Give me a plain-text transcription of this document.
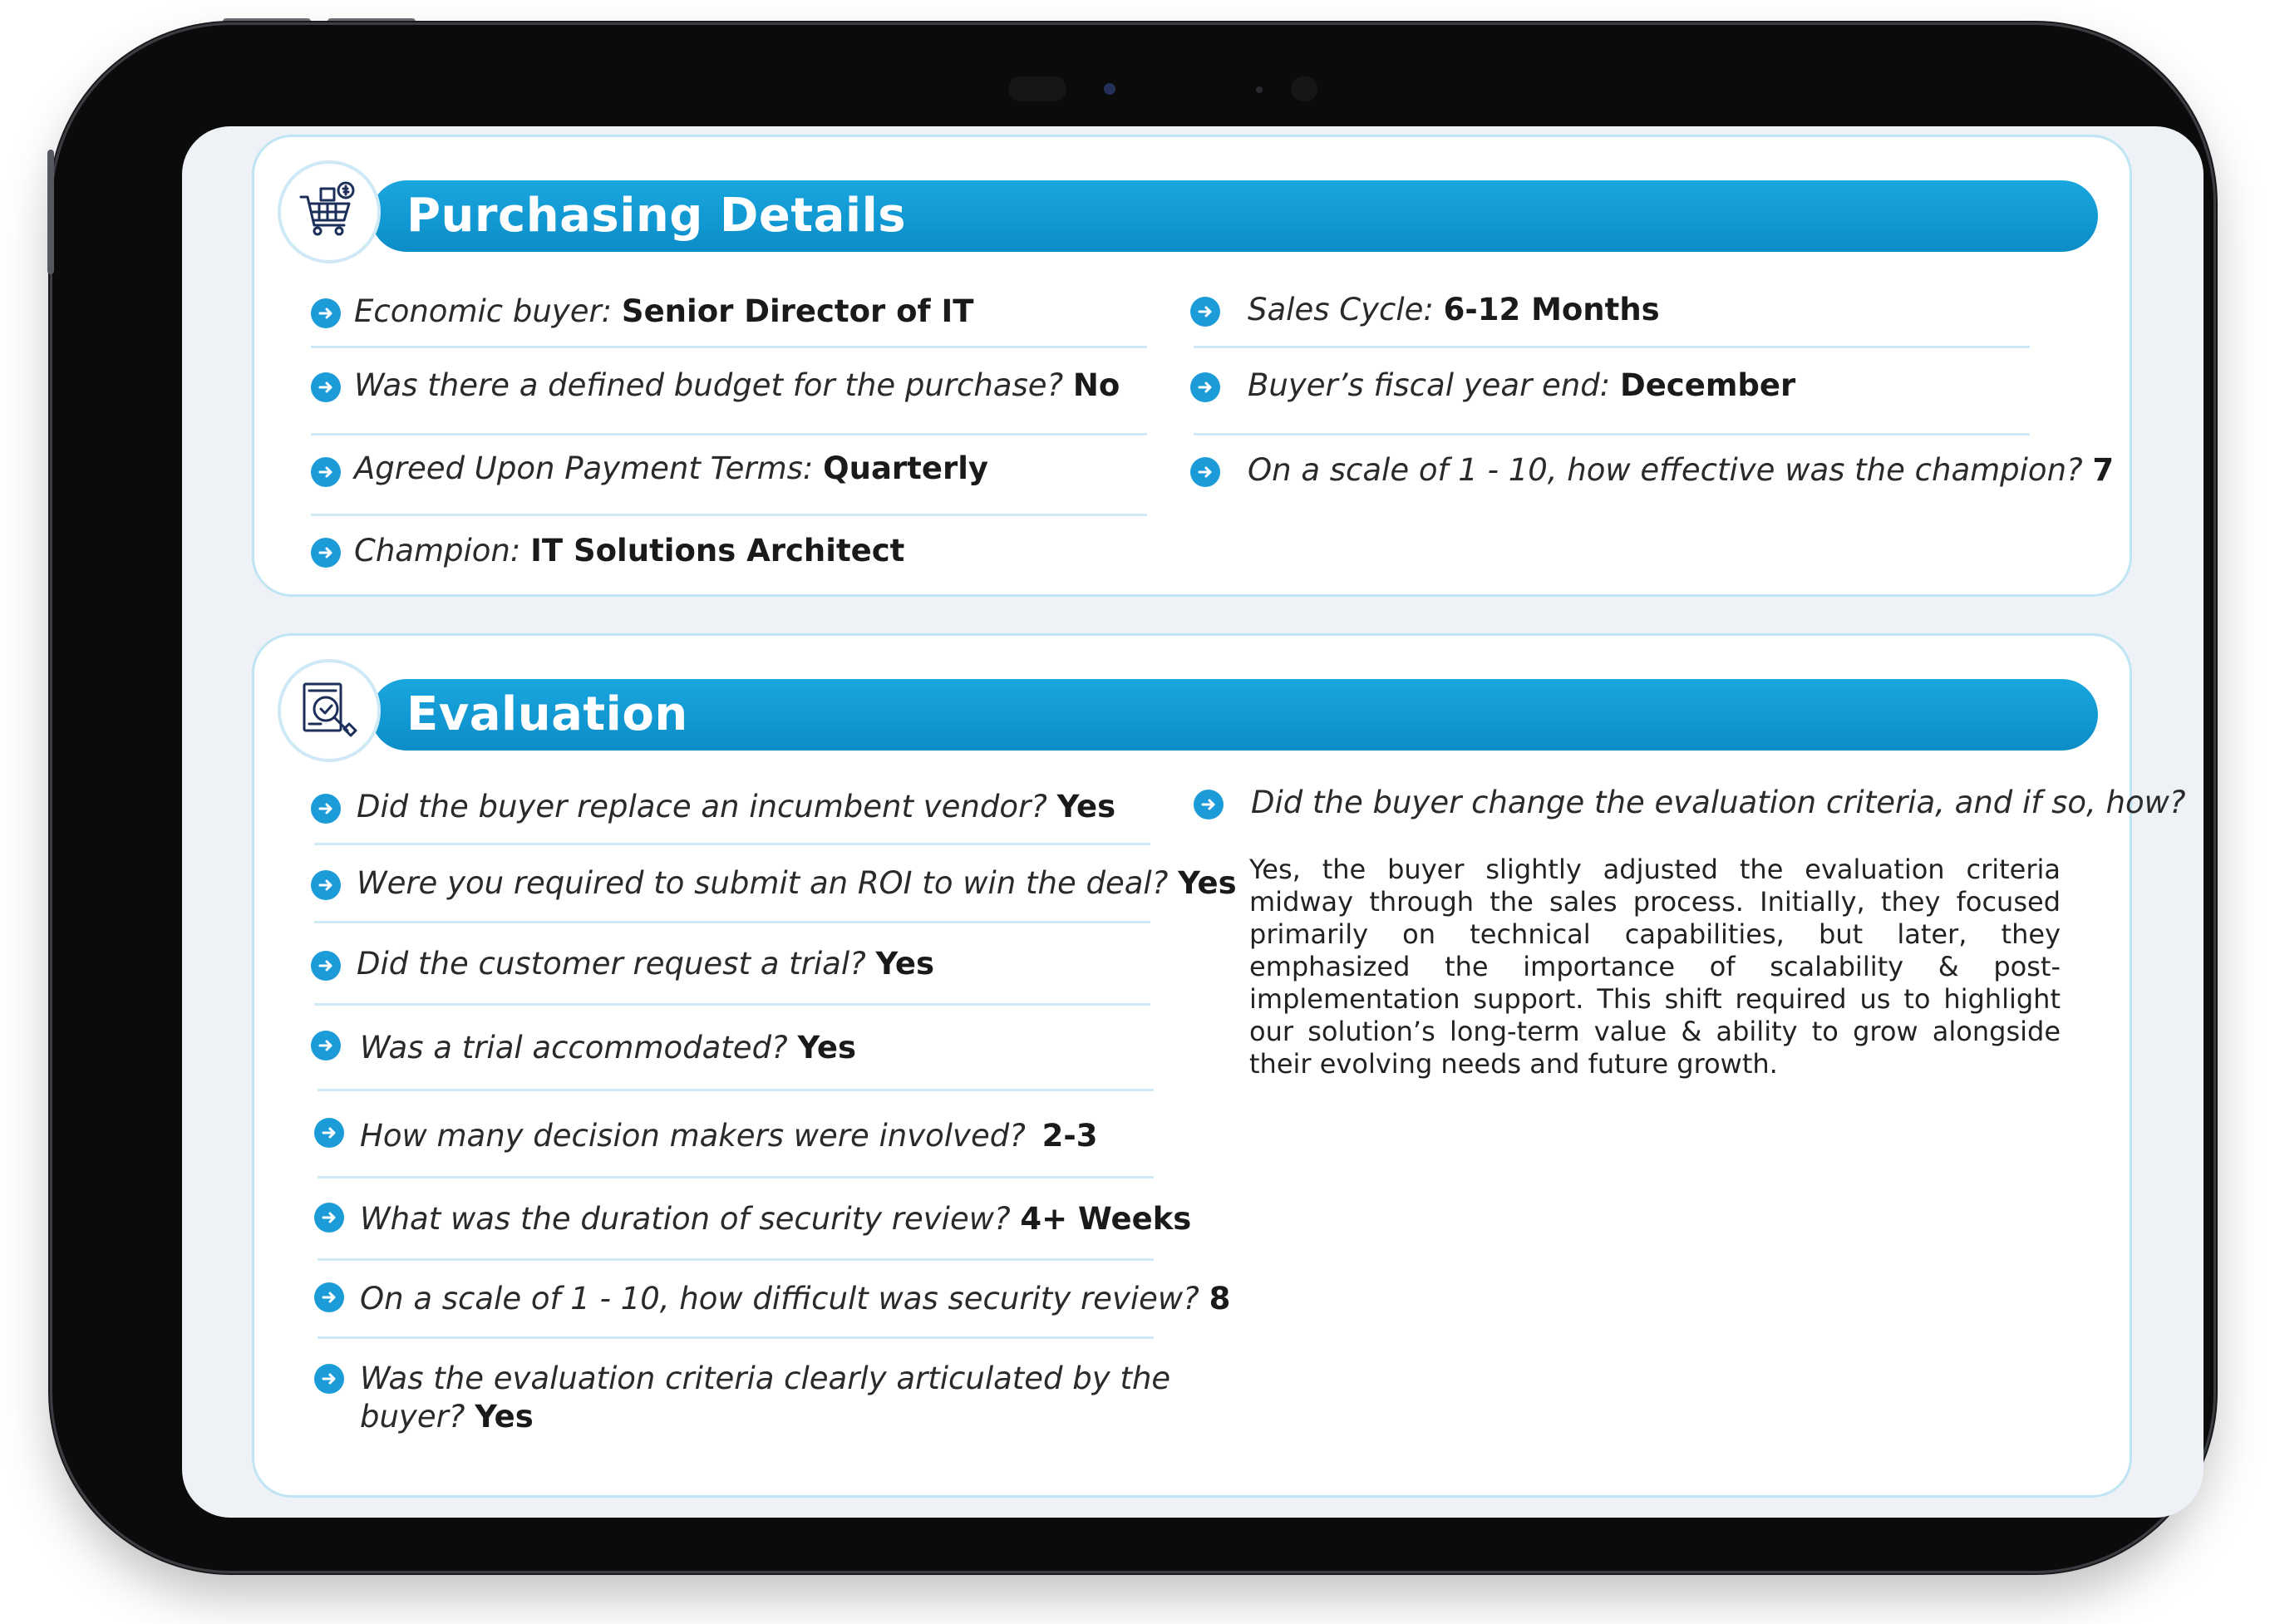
Purchasing Details
Economic buyer: Senior Director of IT
Was there a defined budget for the purchase? No
Agreed Upon Payment Terms: Quarterly
Champion: IT Solutions Architect
Sales Cycle: 6-12 Months
Buyer’s fiscal year end: December
On a scale of 1 - 10, how effective was the champion? 7
Evaluation
Did the buyer replace an incumbent vendor? Yes
Were you required to submit an ROI to win the deal? Yes
Did the customer request a trial? Yes
Was a trial accommodated? Yes
How many decision makers were involved? 2-3
What was the duration of security review? 4+ Weeks
On a scale of 1 - 10, how difficult was security review? 8
Was the evaluation criteria clearly articulated by the
buyer? Yes
Did the buyer change the evaluation criteria, and if so, how?
Yes, the buyer slightly adjusted the evaluation criteria midway through the sales process. Initially, they focused primarily on technical capabilities, but later, they emphasized the importance of scalability & post-implementation support. This shift required us to highlight our solution’s long-term value & ability to grow alongside their evolving needs and future growth.
